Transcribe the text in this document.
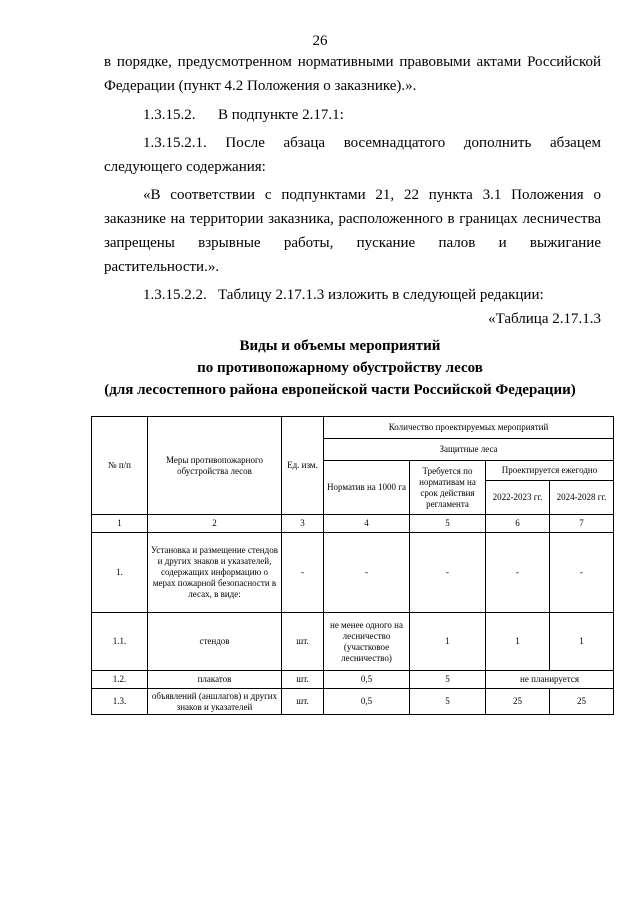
26

в порядке, предусмотренном нормативными правовыми актами Российской

Федерации (пункт 4.2 Положения о заказнике).».

1.3.15.2.      В подпункте 2.17.1:

1.3.15.2.1. После абзаца восемнадцатого дополнить абзацем

следующего содержания:

«В соответствии с подпунктами 21, 22 пункта 3.1 Положения о

заказнике на территории заказника, расположенного в границах лесничества

запрещены взрывные работы, пускание палов и выжигание

растительности.».

1.3.15.2.2.   Таблицу 2.17.1.3 изложить в следующей редакции:

«Таблица 2.17.1.3

Виды и объемы мероприятий

по противопожарному обустройству лесов

(для лесостепного района европейской части Российской Федерации)

№ п/п	Меры противопожарного обустройства лесов	Ед. изм.	Количество проектируемых мероприятий			
			Защитные леса			
			Норматив на 1000 га	Требуется по нормативам на срок действия регламента	Проектируется ежегодно	
					2022-2023 гг.	2024-2028 гг.
1	2	3	4	5	6	7
1.	Установка и размещение стендов и других знаков и указателей, содержащих информацию о мерах пожарной безопасности в лесах, в виде:	-	-	-	-	-
1.1.	стендов	шт.	не менее одного на лесничество (участковое лесничество)	1	1	1
1.2.	плакатов	шт.	0,5	5	не планируется	
1.3.	объявлений (аншлагов) и других знаков и указателей	шт.	0,5	5	25	25
